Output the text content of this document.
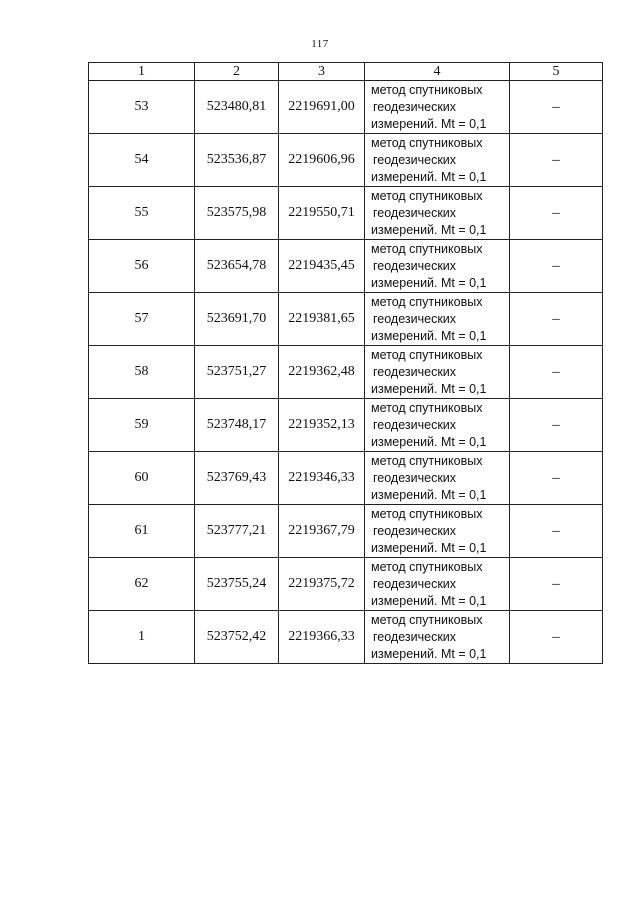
117
1	2	3	4	5
53	523480,81	2219691,00	метод спутниковых
геодезических
измерений. Mt = 0,1	–
54	523536,87	2219606,96	метод спутниковых
геодезических
измерений. Mt = 0,1	–
55	523575,98	2219550,71	метод спутниковых
геодезических
измерений. Mt = 0,1	–
56	523654,78	2219435,45	метод спутниковых
геодезических
измерений. Mt = 0,1	–
57	523691,70	2219381,65	метод спутниковых
геодезических
измерений. Mt = 0,1	–
58	523751,27	2219362,48	метод спутниковых
геодезических
измерений. Mt = 0,1	–
59	523748,17	2219352,13	метод спутниковых
геодезических
измерений. Mt = 0,1	–
60	523769,43	2219346,33	метод спутниковых
геодезических
измерений. Mt = 0,1	–
61	523777,21	2219367,79	метод спутниковых
геодезических
измерений. Mt = 0,1	–
62	523755,24	2219375,72	метод спутниковых
геодезических
измерений. Mt = 0,1	–
1	523752,42	2219366,33	метод спутниковых
геодезических
измерений. Mt = 0,1	–
